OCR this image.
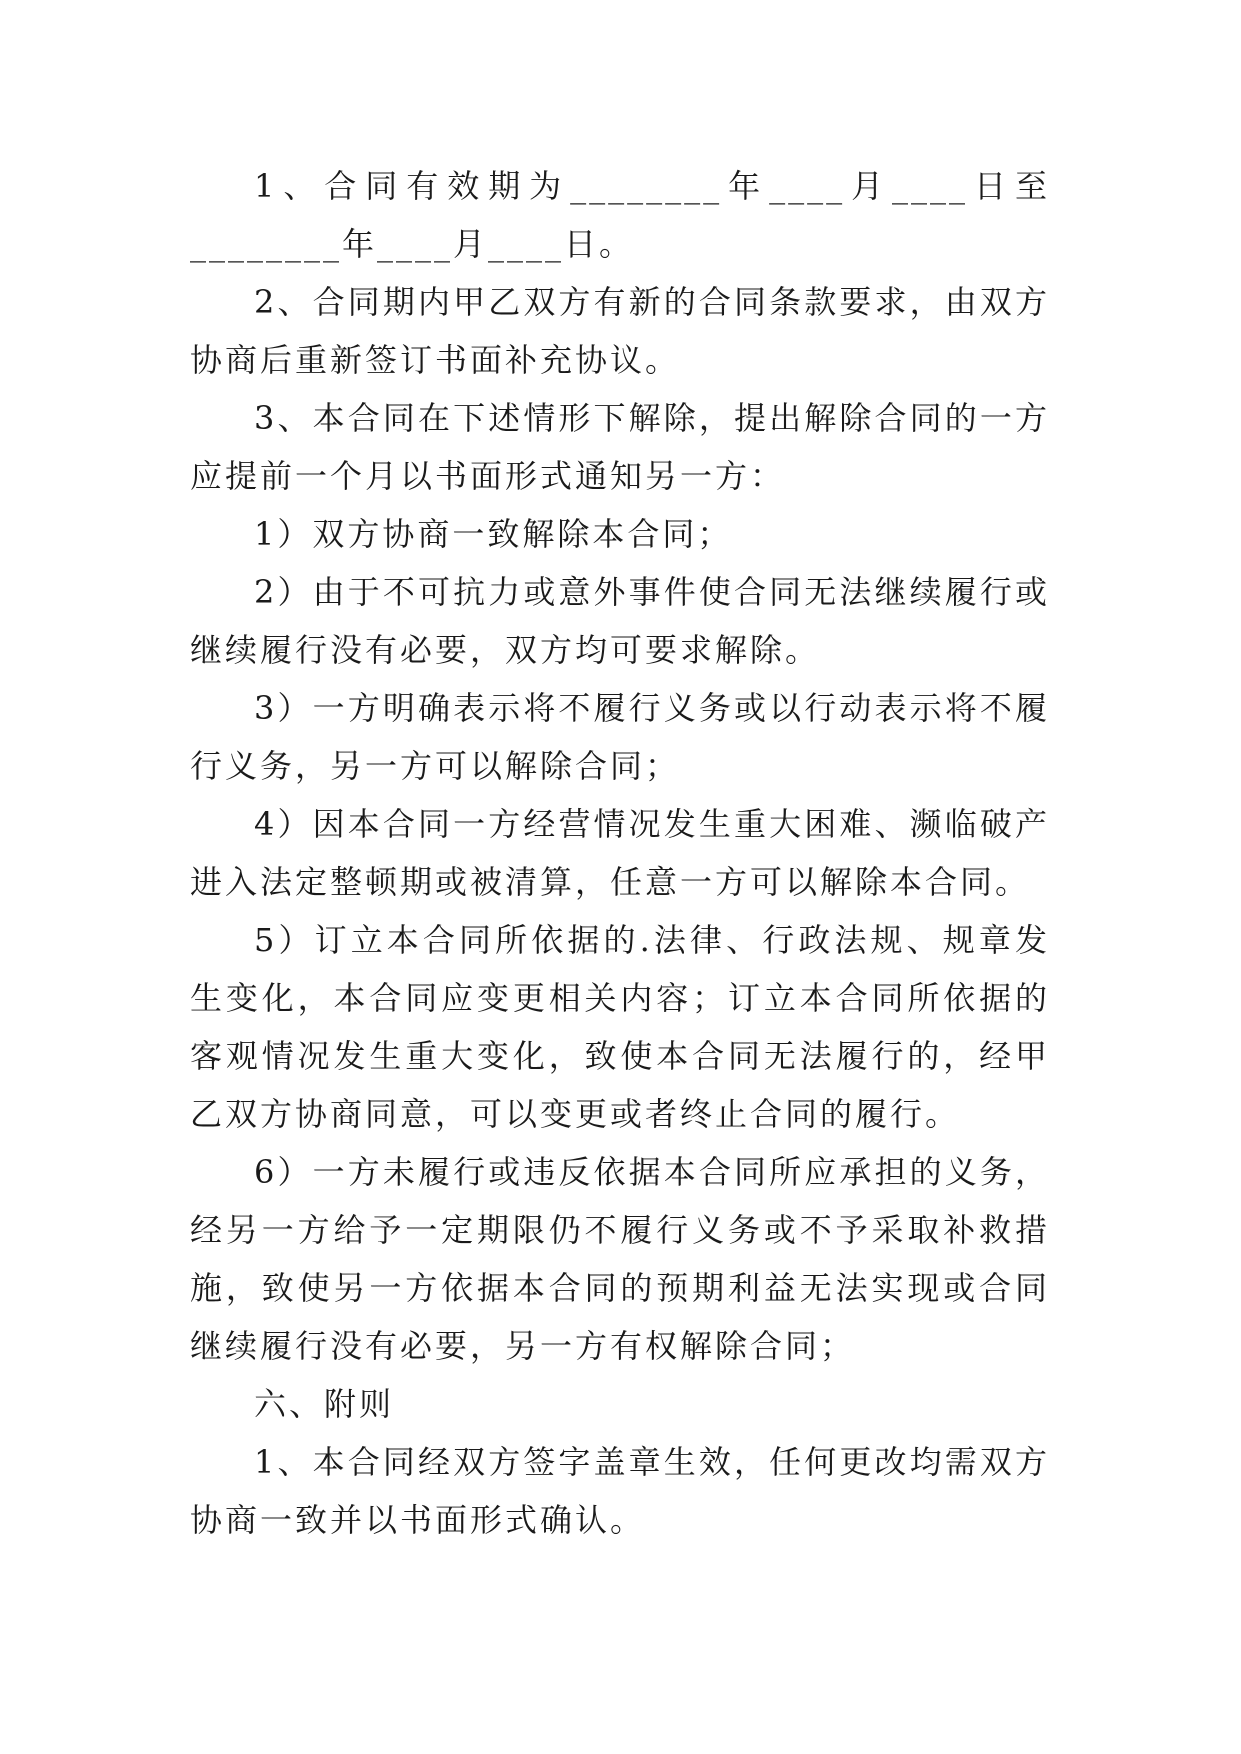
1、合同有效期为________年____月____日至________年____月____日。

2、合同期内甲乙双方有新的合同条款要求，由双方协商后重新签订书面补充协议。

3、本合同在下述情形下解除，提出解除合同的一方应提前一个月以书面形式通知另一方：

1）双方协商一致解除本合同；

2）由于不可抗力或意外事件使合同无法继续履行或继续履行没有必要，双方均可要求解除。

3）一方明确表示将不履行义务或以行动表示将不履行义务，另一方可以解除合同；

4）因本合同一方经营情况发生重大困难、濒临破产进入法定整顿期或被清算，任意一方可以解除本合同。

5）订立本合同所依据的.法律、行政法规、规章发生变化，本合同应变更相关内容；订立本合同所依据的客观情况发生重大变化，致使本合同无法履行的，经甲乙双方协商同意，可以变更或者终止合同的履行。

6）一方未履行或违反依据本合同所应承担的义务，经另一方给予一定期限仍不履行义务或不予采取补救措施，致使另一方依据本合同的预期利益无法实现或合同继续履行没有必要，另一方有权解除合同；

六、附则

1、本合同经双方签字盖章生效，任何更改均需双方协商一致并以书面形式确认。
